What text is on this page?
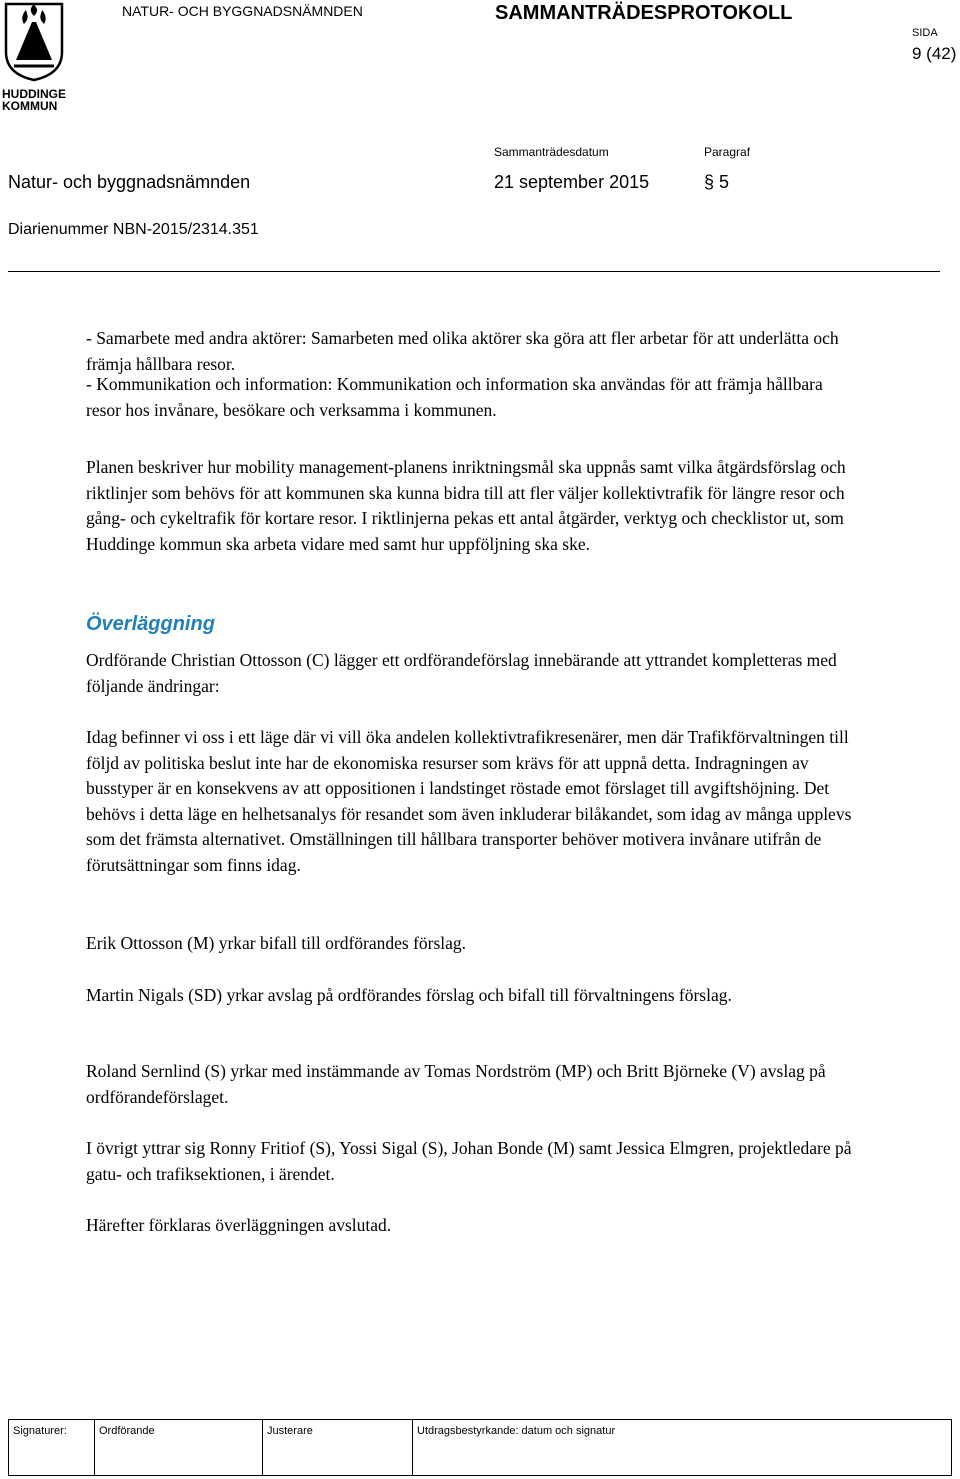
HUDDINGE
KOMMUN
NATUR- OCH BYGGNADSNÄMNDEN	SAMMANTRÄDESPROTOKOLL
SIDA
9 (42)
Sammanträdesdatum	Paragraf
Natur- och byggnadsnämnden	21 september 2015	§ 5
Diarienummer NBN-2015/2314.351

- Samarbete med andra aktörer: Samarbeten med olika aktörer ska göra att fler arbetar för att underlätta och främja hållbara resor.

- Kommunikation och information: Kommunikation och information ska användas för att främja hållbara resor hos invånare, besökare och verksamma i kommunen.

Planen beskriver hur mobility management-planens inriktningsmål ska uppnås samt vilka åtgärdsförslag och riktlinjer som behövs för att kommunen ska kunna bidra till att fler väljer kollektivtrafik för längre resor och gång- och cykeltrafik för kortare resor. I riktlinjerna pekas ett antal åtgärder, verktyg och checklistor ut, som Huddinge kommun ska arbeta vidare med samt hur uppföljning ska ske.

Överläggning

Ordförande Christian Ottosson (C) lägger ett ordförandeförslag innebärande att yttrandet kompletteras med följande ändringar:

Idag befinner vi oss i ett läge där vi vill öka andelen kollektivtrafikresenärer, men där Trafikförvaltningen till följd av politiska beslut inte har de ekonomiska resurser som krävs för att uppnå detta. Indragningen av busstурer är en konsekvens av att oppositionen i landstinget röstade emot förslaget till avgiftshöjning. Det behövs i detta läge en helhetsanalys för resandet som även inkluderar bilåkandet, som idag av många upplevs som det främsta alternativet. Omställningen till hållbara transporter behöver motivera invånare utifrån de förutsättningar som finns idag.

Erik Ottosson (M) yrkar bifall till ordförandes förslag.

Martin Nigals (SD) yrkar avslag på ordförandes förslag och bifall till förvaltningens förslag.

Roland Sernlind (S) yrkar med instämmande av Tomas Nordström (MP) och Britt Björneke (V) avslag på ordförandeförslaget.

I övrigt yttrar sig Ronny Fritiof (S), Yossi Sigal (S), Johan Bonde (M) samt Jessica Elmgren, projektledare på gatu- och trafiksektionen, i ärendet.

Härefter förklaras överläggningen avslutad.

Signaturer:	Ordförande	Justerare	Utdragsbestyrkande: datum och signatur
